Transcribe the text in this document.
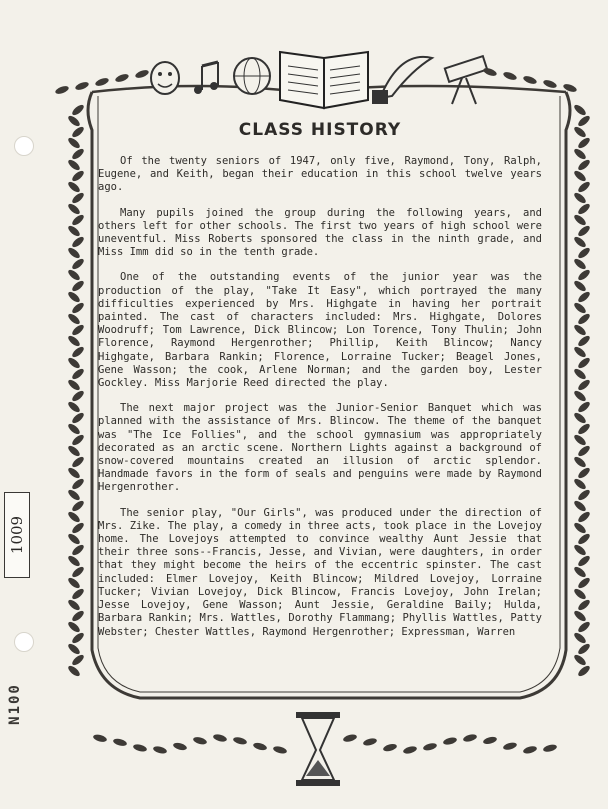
CLASS HISTORY

Of the twenty seniors of 1947, only five, Raymond, Tony, Ralph, Eugene, and Keith, began their education in this school twelve years ago.

Many pupils joined the group during the following years, and others left for other schools. The first two years of high school were uneventful. Miss Roberts sponsored the class in the ninth grade, and Miss Imm did so in the tenth grade.

One of the outstanding events of the junior year was the production of the play, "Take It Easy", which portrayed the many difficulties experienced by Mrs. Highgate in having her portrait painted. The cast of characters included: Mrs. Highgate, Dolores Woodruff; Tom Lawrence, Dick Blincow; Lon Torence, Tony Thulin; John Florence, Raymond Hergenrother; Phillip, Keith Blincow; Nancy Highgate, Barbara Rankin; Florence, Lorraine Tucker; Beagel Jones, Gene Wasson; the cook, Arlene Norman; and the garden boy, Lester Gockley. Miss Marjorie Reed directed the play.

The next major project was the Junior-Senior Banquet which was planned with the assistance of Mrs. Blincow. The theme of the banquet was "The Ice Follies", and the school gymnasium was appropriately decorated as an arctic scene. Northern Lights against a background of snow-covered mountains created an illusion of arctic splendor. Handmade favors in the form of seals and penguins were made by Raymond Hergenrother.

The senior play, "Our Girls", was produced under the direction of Mrs. Zike. The play, a comedy in three acts, took place in the Lovejoy home. The Lovejoys attempted to convince wealthy Aunt Jessie that their three sons--Francis, Jesse, and Vivian, were daughters, in order that they might become the heirs of the eccentric spinster. The cast included: Elmer Lovejoy, Keith Blincow; Mildred Lovejoy, Lorraine Tucker; Vivian Lovejoy, Dick Blincow, Francis Lovejoy, John Irelan; Jesse Lovejoy, Gene Wasson; Aunt Jessie, Geraldine Baily; Hulda, Barbara Rankin; Mrs. Wattles, Dorothy Flammang; Phyllis Wattles, Patty Webster; Chester Wattles, Raymond Hergenrother; Expressman, Warren

1009
N100
